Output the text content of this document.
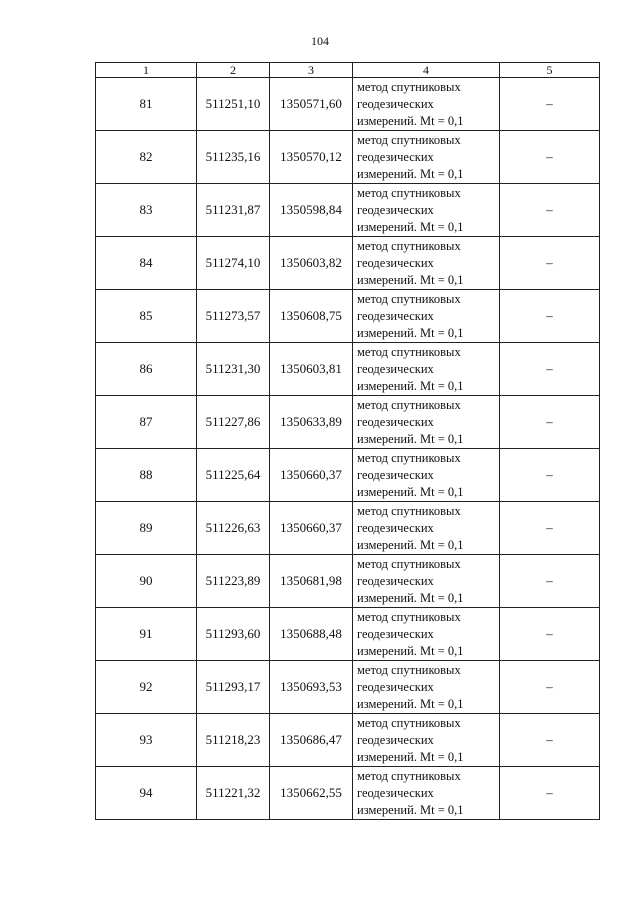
104
1	2	3	4	5
81	511251,10	1350571,60	метод спутниковых
геодезических
измерений. Mt = 0,1	–
82	511235,16	1350570,12	метод спутниковых
геодезических
измерений. Mt = 0,1	–
83	511231,87	1350598,84	метод спутниковых
геодезических
измерений. Mt = 0,1	–
84	511274,10	1350603,82	метод спутниковых
геодезических
измерений. Mt = 0,1	–
85	511273,57	1350608,75	метод спутниковых
геодезических
измерений. Mt = 0,1	–
86	511231,30	1350603,81	метод спутниковых
геодезических
измерений. Mt = 0,1	–
87	511227,86	1350633,89	метод спутниковых
геодезических
измерений. Mt = 0,1	–
88	511225,64	1350660,37	метод спутниковых
геодезических
измерений. Mt = 0,1	–
89	511226,63	1350660,37	метод спутниковых
геодезических
измерений. Mt = 0,1	–
90	511223,89	1350681,98	метод спутниковых
геодезических
измерений. Mt = 0,1	–
91	511293,60	1350688,48	метод спутниковых
геодезических
измерений. Mt = 0,1	–
92	511293,17	1350693,53	метод спутниковых
геодезических
измерений. Mt = 0,1	–
93	511218,23	1350686,47	метод спутниковых
геодезических
измерений. Mt = 0,1	–
94	511221,32	1350662,55	метод спутниковых
геодезических
измерений. Mt = 0,1	–
